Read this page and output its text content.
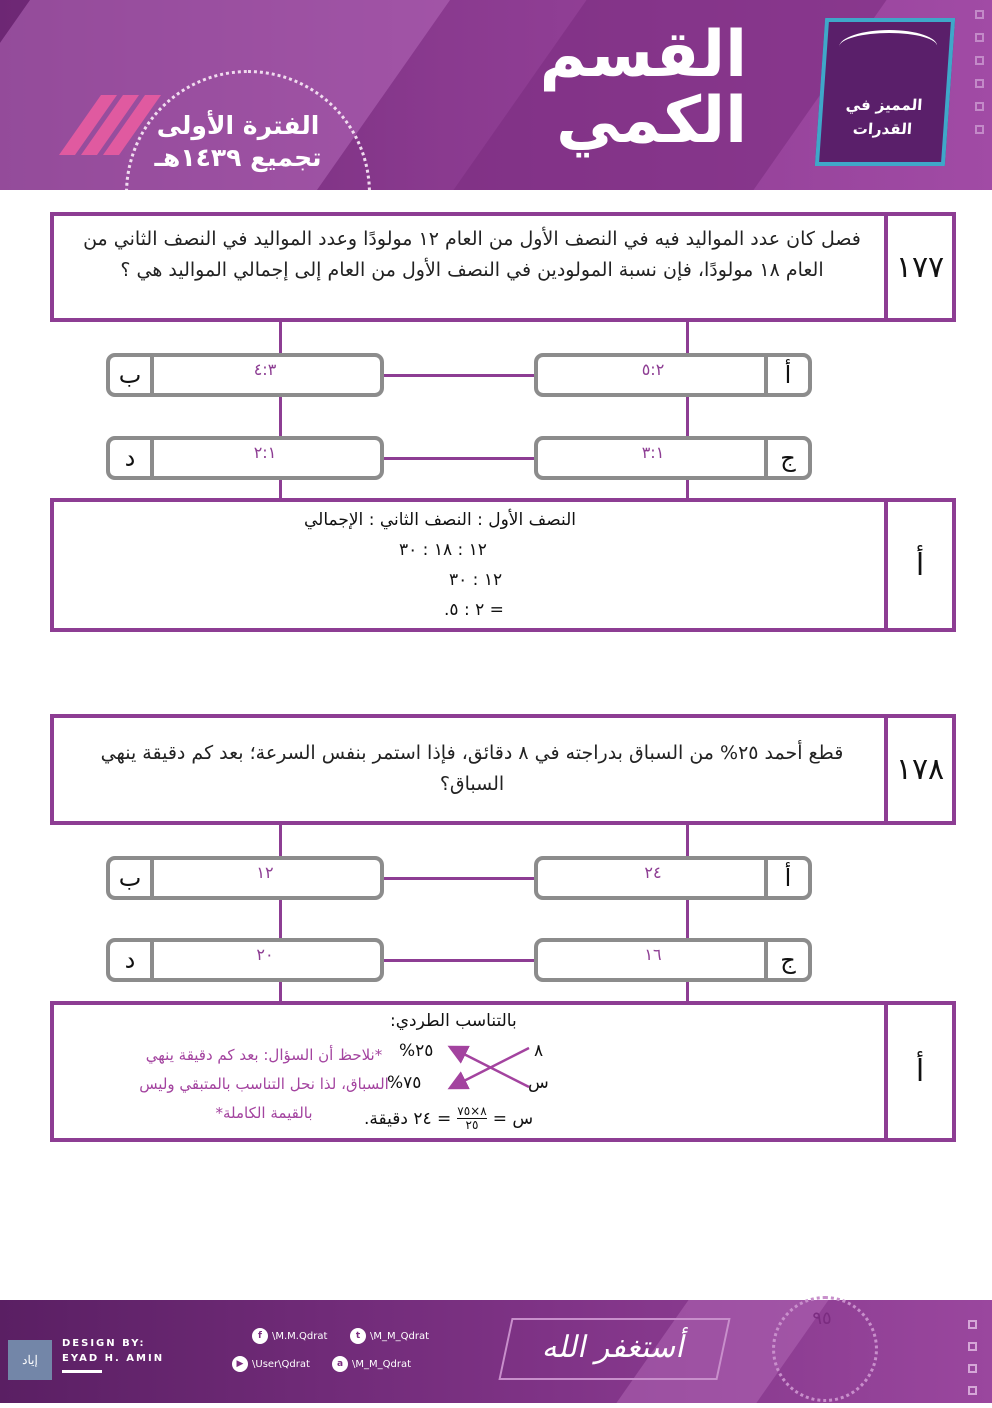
القسم
الكمي
الفترة الأولى
تجميع ١٤٣٩هـ
المميز في
القدرات
فصل كان عدد المواليد فيه في النصف الأول من العام ١٢ مولودًا وعدد المواليد في النصف الثاني من العام ١٨ مولودًا، فإن نسبة المولودين في النصف الأول من العام إلى إجمالي المواليد هي ؟	١٧٧
٥:٢	أ
ب	٤:٣
٣:١	ج
د	٢:١
النصف الأول : النصف الثاني : الإجمالي
١٢ : ١٨ : ٣٠
١٢ : ٣٠
= ٢ : ٥.
أ
قطع أحمد ٢٥% من السباق بدراجته في ٨ دقائق، فإذا استمر بنفس السرعة؛ بعد كم دقيقة ينهي السباق؟	١٧٨
٢٤	أ
ب	١٢
١٦	ج
د	٢٠
بالتناسب الطردي:
٨
٢٥%
س
٧٥%
س =
٨×٧٥
٢٥
= ٢٤ دقيقة.
*نلاحظ أن السؤال: بعد كم دقيقة ينهي السباق، لذا نحل التناسب بالمتبقي وليس بالقيمة الكاملة*
أ
٩٥
إياد
DESIGN BY:
EYAD H. AMIN
f	\M.M.Qdrat	t \M_M_Qdrat
▶ \User\Qdrat	a \M_M_Qdrat	أستغفر الله
